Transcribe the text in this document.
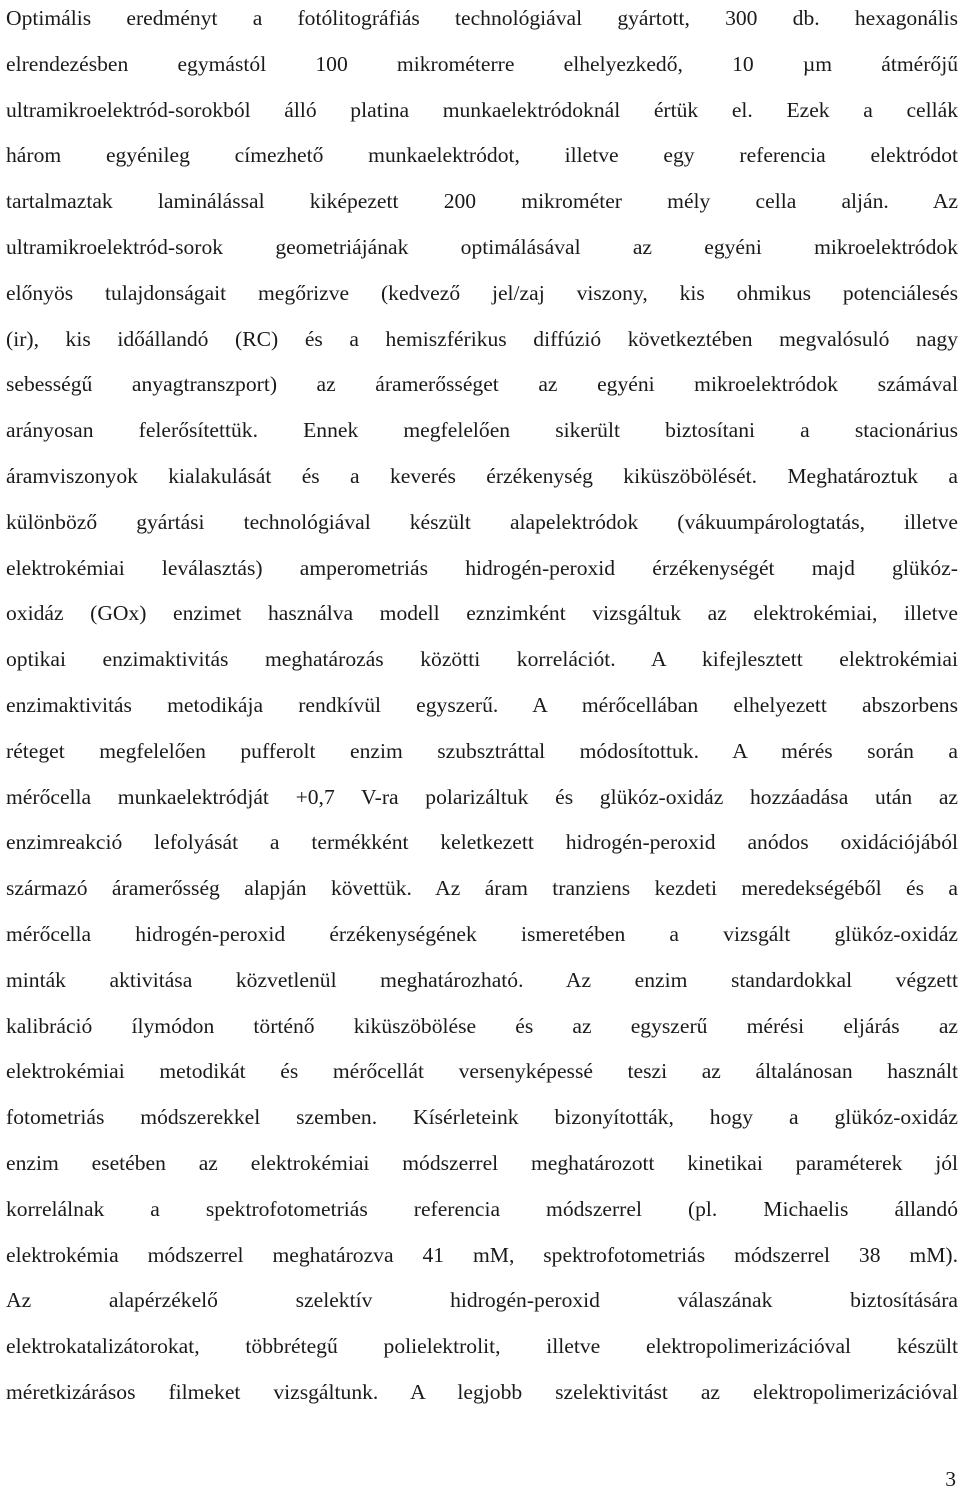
Optimális eredményt a fotólitográfiás technológiával gyártott, 300 db. hexagonális
elrendezésben egymástól 100 mikrométerre elhelyezkedő, 10 µm átmérőjű
ultramikroelektród-sorokból álló platina munkaelektródoknál értük el. Ezek a cellák
három egyénileg címezhető munkaelektródot, illetve egy referencia elektródot
tartalmaztak laminálással kiképezett 200 mikrométer mély cella alján. Az
ultramikroelektród-sorok geometriájának optimálásával az egyéni mikroelektródok
előnyös tulajdonságait megőrizve (kedvező jel/zaj viszony, kis ohmikus potenciálesés
(ir), kis időállandó (RC) és a hemiszférikus diffúzió következtében megvalósuló nagy
sebességű anyagtranszport) az áramerősséget az egyéni mikroelektródok számával
arányosan felerősítettük. Ennek megfelelően sikerült biztosítani a stacionárius
áramviszonyok kialakulását és a keverés érzékenység kiküszöbölését. Meghatároztuk a
különböző gyártási technológiával készült alapelektródok (vákuumpárologtatás, illetve
elektrokémiai leválasztás) amperometriás hidrogén-peroxid érzékenységét majd glükóz-
oxidáz (GOx) enzimet használva modell eznzimként vizsgáltuk az elektrokémiai, illetve
optikai enzimaktivitás meghatározás közötti korrelációt. A kifejlesztett elektrokémiai
enzimaktivitás metodikája rendkívül egyszerű. A mérőcellában elhelyezett abszorbens
réteget megfelelően pufferolt enzim szubsztráttal módosítottuk. A mérés során a
mérőcella munkaelektródját +0,7 V-ra polarizáltuk és glükóz-oxidáz hozzáadása után az
enzimreakció lefolyását a termékként keletkezett hidrogén-peroxid anódos oxidációjából
származó áramerősség alapján követtük. Az áram tranziens kezdeti meredekségéből és a
mérőcella hidrogén-peroxid érzékenységének ismeretében a vizsgált glükóz-oxidáz
minták aktivitása közvetlenül meghatározható. Az enzim standardokkal végzett
kalibráció ílymódon történő kiküszöbölése és az egyszerű mérési eljárás az
elektrokémiai metodikát és mérőcellát versenyképessé teszi az általánosan használt
fotometriás módszerekkel szemben. Kísérleteink bizonyították, hogy a glükóz-oxidáz
enzim esetében az elektrokémiai módszerrel meghatározott kinetikai paraméterek jól
korrelálnak a spektrofotometriás referencia módszerrel (pl. Michaelis állandó
elektrokémia módszerrel meghatározva 41 mM, spektrofotometriás módszerrel 38 mM).
Az alapérzékelő szelektív hidrogén-peroxid válaszának biztosítására
elektrokatalizátorokat, többrétegű polielektrolit, illetve elektropolimerizációval készült
méretkizárásos filmeket vizsgáltunk. A legjobb szelektivitást az elektropolimerizációval

3
